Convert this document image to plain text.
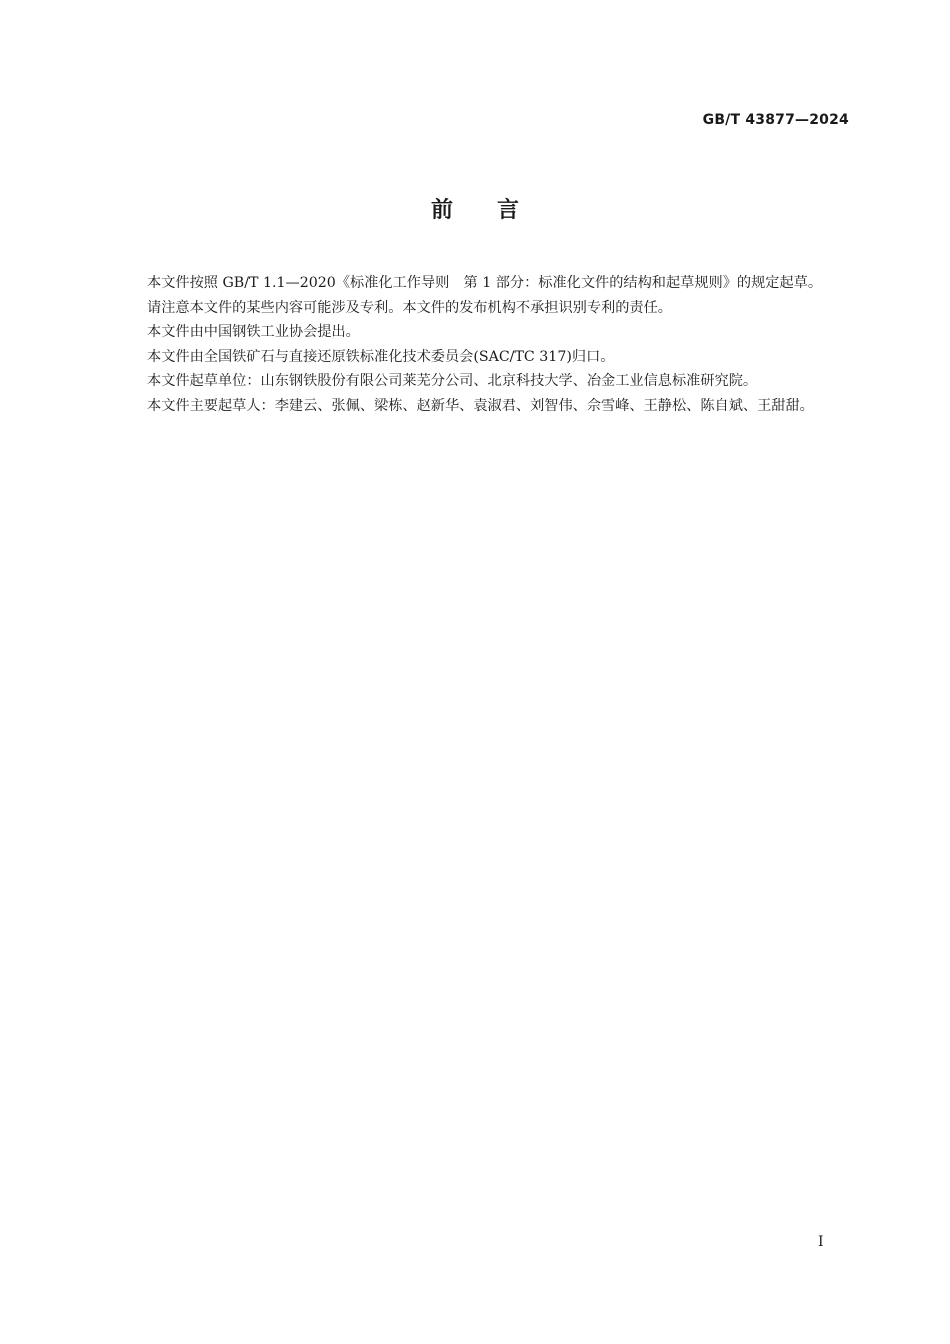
GB/T 43877—2024
前言

本文件按照 GB/T 1.1—2020《标准化工作导则　第 1 部分：标准化文件的结构和起草规则》的规定起草。

请注意本文件的某些内容可能涉及专利。本文件的发布机构不承担识别专利的责任。

本文件由中国钢铁工业协会提出。

本文件由全国铁矿石与直接还原铁标准化技术委员会(SAC/TC 317)归口。

本文件起草单位：山东钢铁股份有限公司莱芜分公司、北京科技大学、冶金工业信息标准研究院。

本文件主要起草人：李建云、张佩、梁栋、赵新华、袁淑君、刘智伟、佘雪峰、王静松、陈自斌、王甜甜。

I
